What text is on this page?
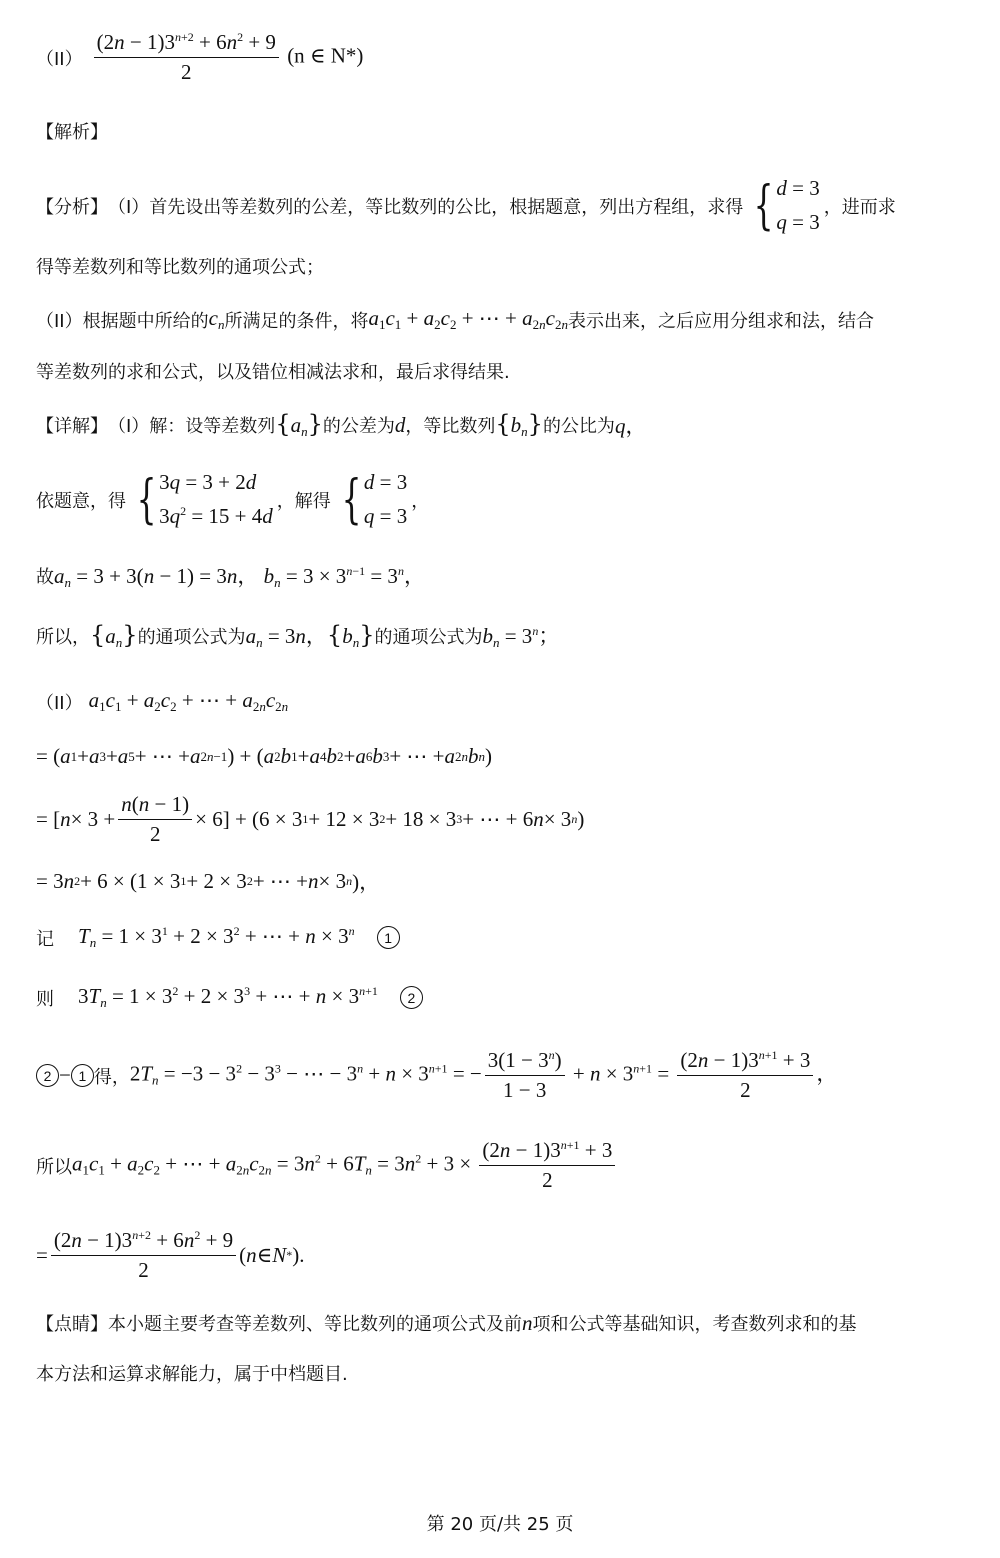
$(II) \frac{(2n - 1)3^{n+2} + 6n^2 + 9}{2} (n$ ∈ N*)
【解析】
【分析】 （I） 首先设出等差数列的公差，等比数列的公比，根据题意，列出方程组，求得 { d = 3
q = 3
，进而求
得等差数列和等比数列的通项公式；
（II） 根据题中所给的 $c_n$ 所满足的条件，将 $a_1c_1 + a_2c_2$ + ⋯ + $a_{2n}c_{2n}$ 表示出来，之后应用分组求和法，结合
等差数列的求和公式，以及错位相减法求和，最后求得结果.
【详解】 （I） 解：设等差数列 $\{a_n\}$ 的公差为 d ，等比数列 $\{b_n\}$ 的公比为 q，
依题意，得 { 3q = 3 + 2d
$3q^2 = 15 + 4d$
，解得 { d = 3
q = 3
，
故 $a_n = 3 + 3(n - 1) = 3n$， $b_n = 3 \times 3^{n-1} = 3^n$，
所以， $\{a_n\}$ 的通项公式为 $a_n = 3n$，$\{b_n\}$ 的通项公式为 $b_n = 3^n$；
（II） $a_1c_1 + a_2c_2$ + ⋯ + $a_{2n}c_{2n}$
= ( a 1 + a 3 + a 5 + ⋯ + a 2n−1 ) + ( a 2 b 1 + a 4 b 2 + a 6 b 3 + ⋯ + a 2n b n )
= [ $n \times 3 + \frac{n(n - 1)}{2} \times 6] + (6 \times 3$ 1 + 12 × 3 2 + 18 × 3 3 + ⋯ + 6 n × 3 n )
= 3 n 2 + 6 × (1 × 3 1 + 2 × 3 2 + ⋯ + n × 3 n )，
记 $T_n = 1 \times 3^1 + 2 \times 3^2$ + ⋯ + $n \times 3^n$	1
则 $3T_n = 1 \times 3^2 + 2 \times 3^3$ + ⋯ + $n \times 3^{n+1}$	2
2 − 1 得， $2T_n = -3 - 3^2 - 3^3$ − ⋯ − $3^n + n \times 3^{n+1}$ = − $\frac{3(1 - 3^n)}{1 - 3} + n \times 3^{n+1} = \frac{(2n - 1)3^{n+1} + 3}{2}$ ，
所以 $a_1c_1 + a_2c_2$ + ⋯ + $a_{2n}c_{2n} = 3n^2 + 6T_n = 3n^2 + 3 \times \frac{(2n - 1)3^{n+1} + 3}{2}$
= $\frac{(2n - 1)3^{n+2} + 6n^2 + 9}{2}$ ( n ∈ N * ).
【点睛】 本小题主要考查等差数列、等比数列的通项公式及前 n 项和公式等基础知识，考查数列求和的基
本方法和运算求解能力，属于中档题目.
第 20 页/共 25 页
